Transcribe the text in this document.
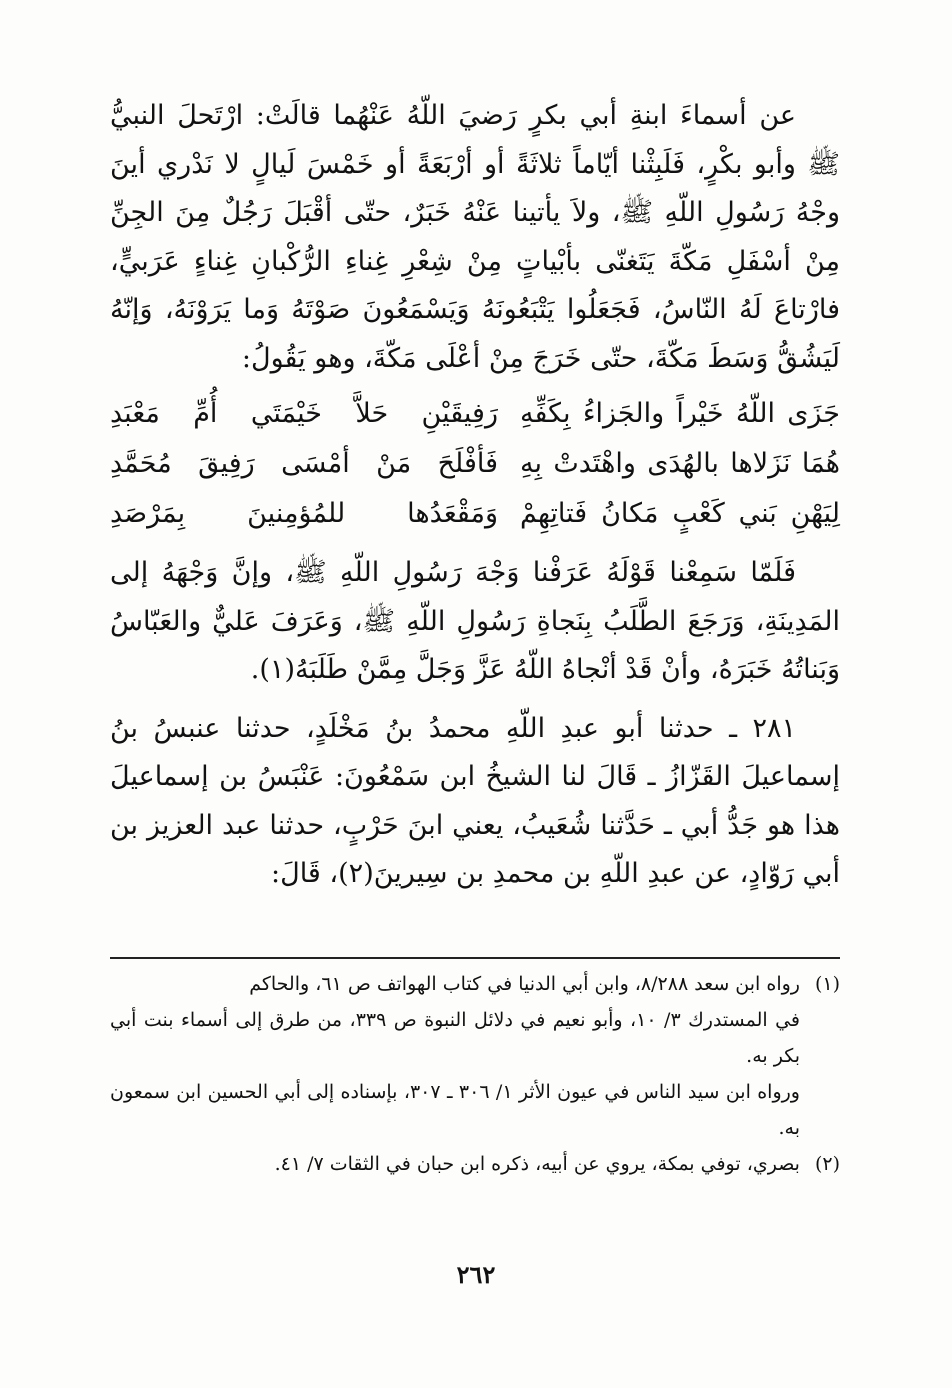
عن أسماءَ ابنةِ أبي بكرٍ رَضيَ اللّهُ عَنْهُما قالَتْ: ارْتَحلَ النبيُّ ﷺ وأبو بكْرٍ، فَلَبِثْنا أيّاماً ثلاثَةً أو أرْبَعَةً أو خَمْسَ لَيالٍ لا نَدْري أينَ وجْهُ رَسُولِ اللّهِ ﷺ، ولاَ يأتينا عَنْهُ خَبَرٌ، حتّى أقْبَلَ رَجُلٌ مِنَ الجِنِّ مِنْ أسْفَلِ مَكّةَ يَتَغنّى بأبْياتٍ مِنْ شِعْرِ غِناءِ الرُّكْبانِ غِناءٍ عَرَبيٍّ، فارْتاعَ لَهُ النّاسُ، فَجَعَلُوا يَتْبَعُونَهُ وَيَسْمَعُونَ صَوْتَهُ وَما يَرَوْنَهُ، وَإنّهُ لَيَشُقُّ وَسَطَ مَكّةَ، حتّى خَرَجَ مِنْ أعْلَى مَكّةَ، وهو يَقُولُ:

جَزَى اللّهُ خَيْراً والجَزاءُ بِكَفِّهِ
رَفِيقَيْنِ حَلاَّ خَيْمَتَي أُمِّ مَعْبَدِ
هُمَا نَزَلاها بالهُدَى واهْتَدتْ بِهِ
فَأفْلَحَ مَنْ أمْسَى رَفِيقَ مُحَمَّدِ
لِيَهْنِ بَني كَعْبٍ مَكانُ فَتاتِهِمْ
وَمَقْعَدُها للمُؤمِنينَ بِمَرْصَدِ

فَلَمّا سَمِعْنا قَوْلَهُ عَرَفْنا وَجْهَ رَسُولِ اللّهِ ﷺ، وإنَّ وَجْهَهُ إلى المَدِينَةِ، وَرَجَعَ الطَّلَبُ بِنَجاةِ رَسُولِ اللّهِ ﷺ، وَعَرَفَ عَليٌّ والعَبّاسُ وَبَناتُهُ خَبَرَهُ، وأنْ قَدْ أنْجاهُ اللّهُ عَزَّ وَجَلَّ مِمَّنْ طَلَبَهُ(١).

٢٨١ ـ حدثنا أبو عبدِ اللّهِ محمدُ بنُ مَخْلَدٍ، حدثنا عنبسُ بنُ إسماعيلَ القَزّازُ ـ قَالَ لنا الشيخُ ابن سَمْعُونَ: عَنْبَسُ بن إسماعيلَ هذا هو جَدُّ أبي ـ حَدَّثنا شُعَيبُ، يعني ابنَ حَرْبٍ، حدثنا عبد العزيز بن أبي رَوّادٍ، عن عبدِ اللّهِ بن محمدِ بن سِيرينَ(٢)، قَالَ:

(١) رواه ابن سعد ٨/٢٨٨، وابن أبي الدنيا في كتاب الهواتف ص ٦١، والحاكم
في المستدرك ٣/ ١٠، وأبو نعيم في دلائل النبوة ص ٣٣٩، من طرق إلى أسماء بنت أبي بكر به.
ورواه ابن سيد الناس في عيون الأثر ١/ ٣٠٦ ـ ٣٠٧، بإسناده إلى أبي الحسين ابن سمعون به.

(٢) بصري، توفي بمكة، يروي عن أبيه، ذكره ابن حبان في الثقات ٧/ ٤١.

٢٦٢
